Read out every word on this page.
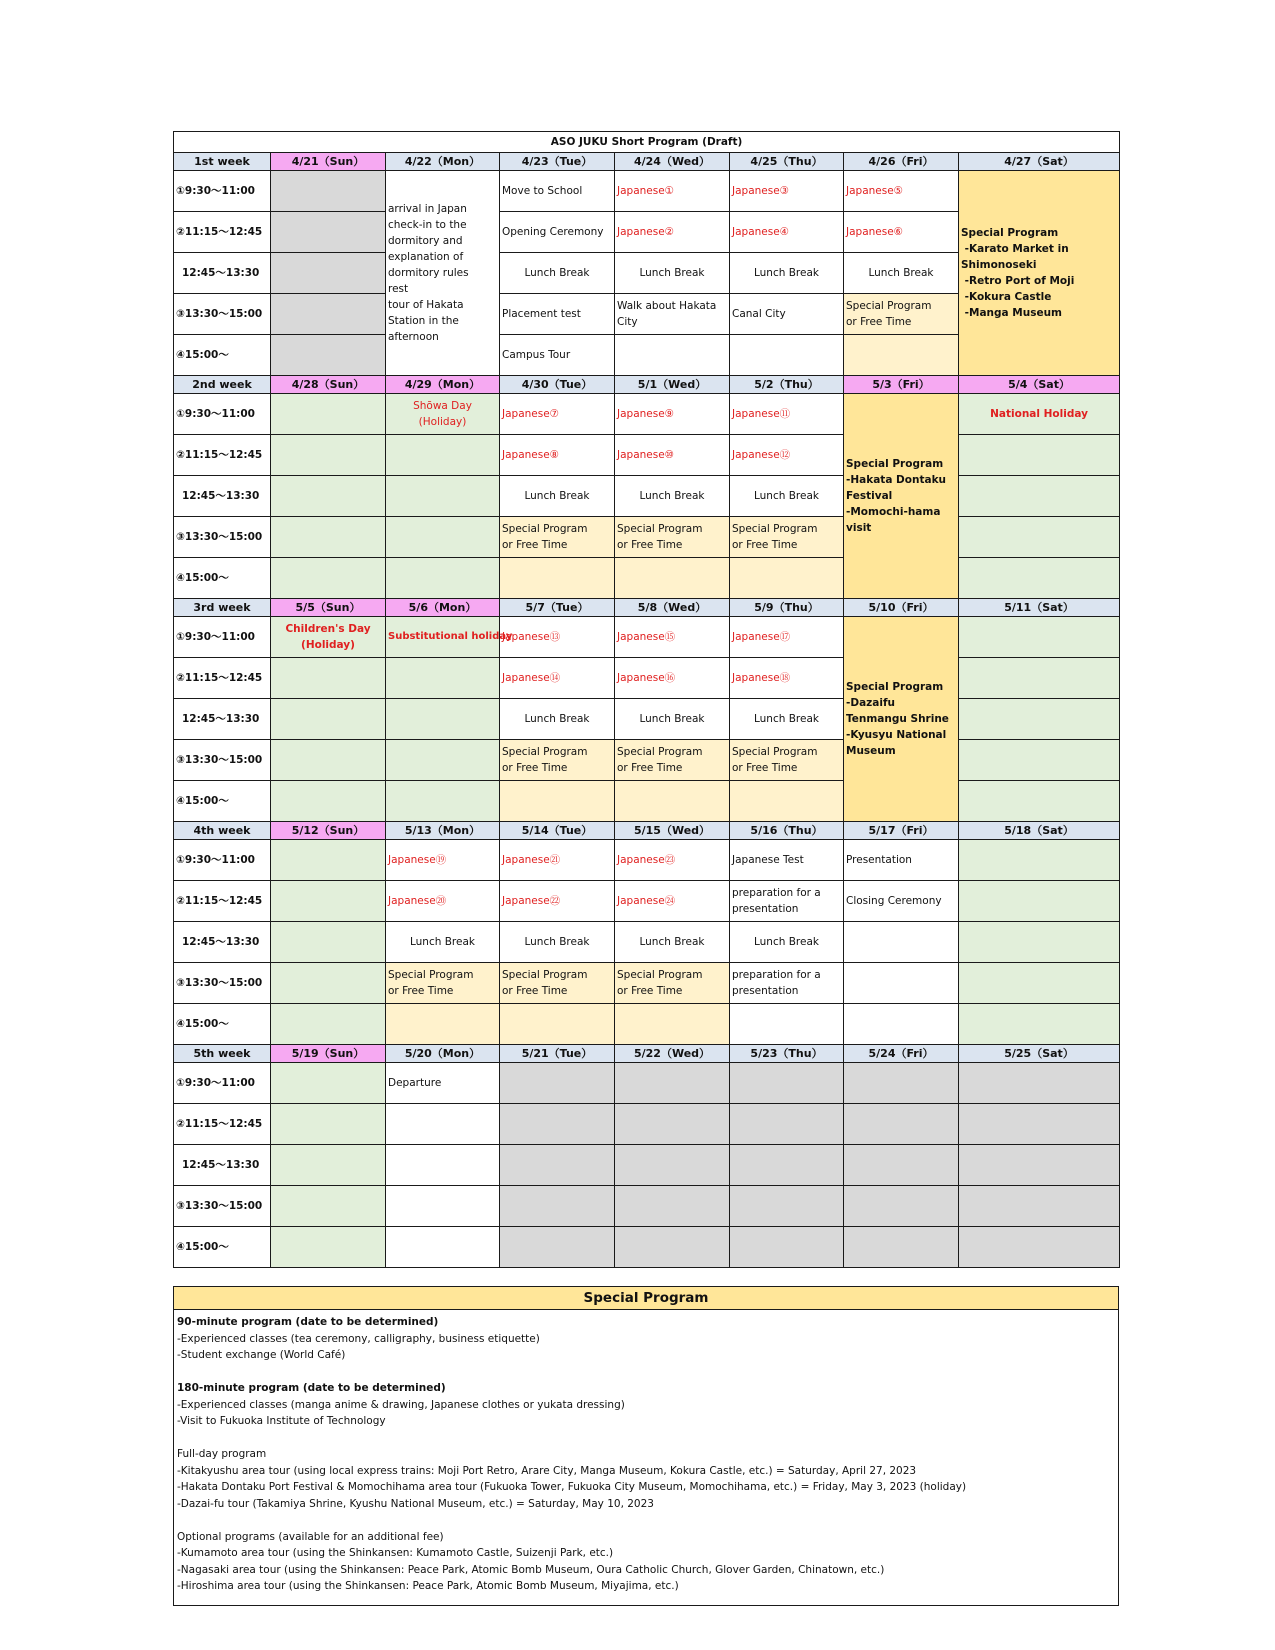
ASO JUKU Short Program (Draft)							
1st week	4/21（Sun）	4/22（Mon）	4/23（Tue）	4/24（Wed）	4/25（Thu）	4/26（Fri）	4/27（Sat）
①9:30〜11:00		arrival in Japan
check-in to the dormitory and explanation of dormitory rules
rest
tour of Hakata Station in the afternoon	Move to School	Japanese①	Japanese③	Japanese⑤	Special Program
-Karato Market in Shimonoseki
-Retro Port of Moji
-Kokura Castle
-Manga Museum

②11:15〜12:45			Opening Ceremony	Japanese②	Japanese④	Japanese⑥	
12:45〜13:30			Lunch Break	Lunch Break	Lunch Break	Lunch Break	
③13:30〜15:00			Placement test	Walk about Hakata City	Canal City	Special Program
or Free Time	
④15:00〜			Campus Tour				
2nd week	4/28（Sun）	4/29（Mon）	4/30（Tue）	5/1（Wed）	5/2（Thu）	5/3（Fri）	5/4（Sat）
①9:30〜11:00		Shōwa Day (Holiday)	Japanese⑦	Japanese⑨	Japanese⑪	Special Program
-Hakata Dontaku Festival
-Momochi-hama visit	National Holiday
②11:15〜12:45			Japanese⑧	Japanese⑩	Japanese⑫		
12:45〜13:30			Lunch Break	Lunch Break	Lunch Break		
③13:30〜15:00			Special Program
or Free Time	Special Program
or Free Time	Special Program
or Free Time		
④15:00〜							
3rd week	5/5（Sun）	5/6（Mon）	5/7（Tue）	5/8（Wed）	5/9（Thu）	5/10（Fri）	5/11（Sat）
①9:30〜11:00	Children's Day
(Holiday)	Substitutional holiday	Japanese⑬	Japanese⑮	Japanese⑰	Special Program
-Dazaifu Tenmangu Shrine
-Kyusyu National Museum	

②11:15〜12:45			Japanese⑭	Japanese⑯	Japanese⑱		
12:45〜13:30			Lunch Break	Lunch Break	Lunch Break		
③13:30〜15:00			Special Program
or Free Time	Special Program
or Free Time	Special Program
or Free Time		
④15:00〜							
4th week	5/12（Sun）	5/13（Mon）	5/14（Tue）	5/15（Wed）	5/16（Thu）	5/17（Fri）	5/18（Sat）
①9:30〜11:00		Japanese⑲	Japanese㉑	Japanese㉓	Japanese Test	Presentation	
②11:15〜12:45		Japanese⑳	Japanese㉒	Japanese㉔	preparation for a presentation	Closing Ceremony	
12:45〜13:30		Lunch Break	Lunch Break	Lunch Break	Lunch Break		
③13:30〜15:00		Special Program
or Free Time	Special Program
or Free Time	Special Program
or Free Time	preparation for a presentation		
④15:00〜							
5th week	5/19（Sun）	5/20（Mon）	5/21（Tue）	5/22（Wed）	5/23（Thu）	5/24（Fri）	5/25（Sat）
①9:30〜11:00		Departure					
②11:15〜12:45							
12:45〜13:30							
③13:30〜15:00							
④15:00〜							
Special Program

90-minute program (date to be determined)
-Experienced classes (tea ceremony, calligraphy, business etiquette)
-Student exchange (World Café)
180-minute program (date to be determined)
-Experienced classes (manga anime & drawing, Japanese clothes or yukata dressing)
-Visit to Fukuoka Institute of Technology
Full-day program
-Kitakyushu area tour (using local express trains: Moji Port Retro, Arare City, Manga Museum, Kokura Castle, etc.) = Saturday, April 27, 2023
-Hakata Dontaku Port Festival & Momochihama area tour (Fukuoka Tower, Fukuoka City Museum, Momochihama, etc.) = Friday, May 3, 2023 (holiday)
-Dazai-fu tour (Takamiya Shrine, Kyushu National Museum, etc.) = Saturday, May 10, 2023
Optional programs (available for an additional fee)
-Kumamoto area tour (using the Shinkansen: Kumamoto Castle, Suizenji Park, etc.)
-Nagasaki area tour (using the Shinkansen: Peace Park, Atomic Bomb Museum, Oura Catholic Church, Glover Garden, Chinatown, etc.)
-Hiroshima area tour (using the Shinkansen: Peace Park, Atomic Bomb Museum, Miyajima, etc.)
